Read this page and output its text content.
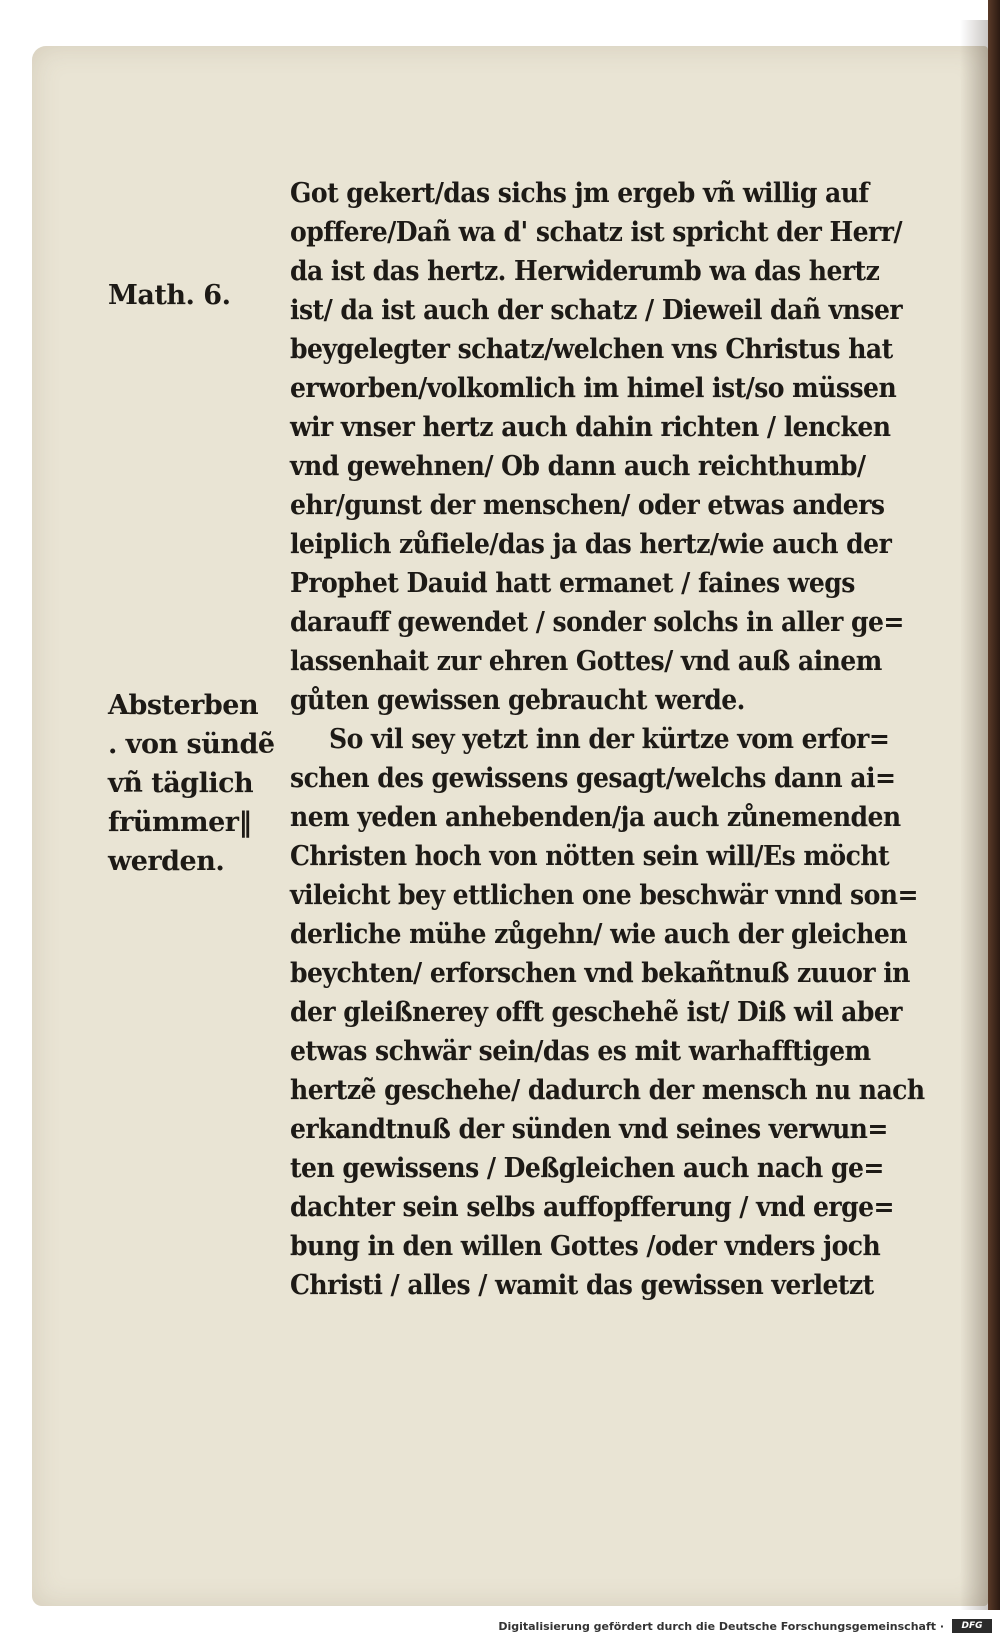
Math. 6.
Absterben
. von sündẽ
vñ täglich
frümmer‖
werden.
Got gekert/das sichs jm ergeb vñ willig auf
opffere/Dañ wa d' schatz ist spricht der Herr/
da ist das hertz. Herwiderumb wa das hertz
ist/ da ist auch der schatz / Dieweil dañ vnser
beygelegter schatz/welchen vns Christus hat
erworben/volkomlich im himel ist/so müssen
wir vnser hertz auch dahin richten / lencken
vnd gewehnen/ Ob dann auch reichthumb/
ehr/gunst der menschen/ oder etwas anders
leiplich zůfiele/das ja das hertz/wie auch der
Prophet Dauid hatt ermanet / faines wegs
darauff gewendet / sonder solchs in aller ge=
lassenhait zur ehren Gottes/ vnd auß ainem
gůten gewissen gebraucht werde.
So vil sey yetzt inn der kürtze vom erfor=
schen des gewissens gesagt/welchs dann ai=
nem yeden anhebenden/ja auch zůnemenden
Christen hoch von nötten sein will/Es möcht
vileicht bey ettlichen one beschwär vnnd son=
derliche mühe zůgehn/ wie auch der gleichen
beychten/ erforschen vnd bekañtnuß zuuor in
der gleißnerey offt geschehẽ ist/ Diß wil aber
etwas schwär sein/das es mit warhafftigem
hertzẽ geschehe/ dadurch der mensch nu nach
erkandtnuß der sünden vnd seines verwun=
ten gewissens / Deßgleichen auch nach ge=
dachter sein selbs auffopfferung / vnd erge=
bung in den willen Gottes /oder vnders joch
Christi / alles / wamit das gewissen verletzt
Digitalisierung gefördert durch die Deutsche Forschungsgemeinschaft ·	DFG
